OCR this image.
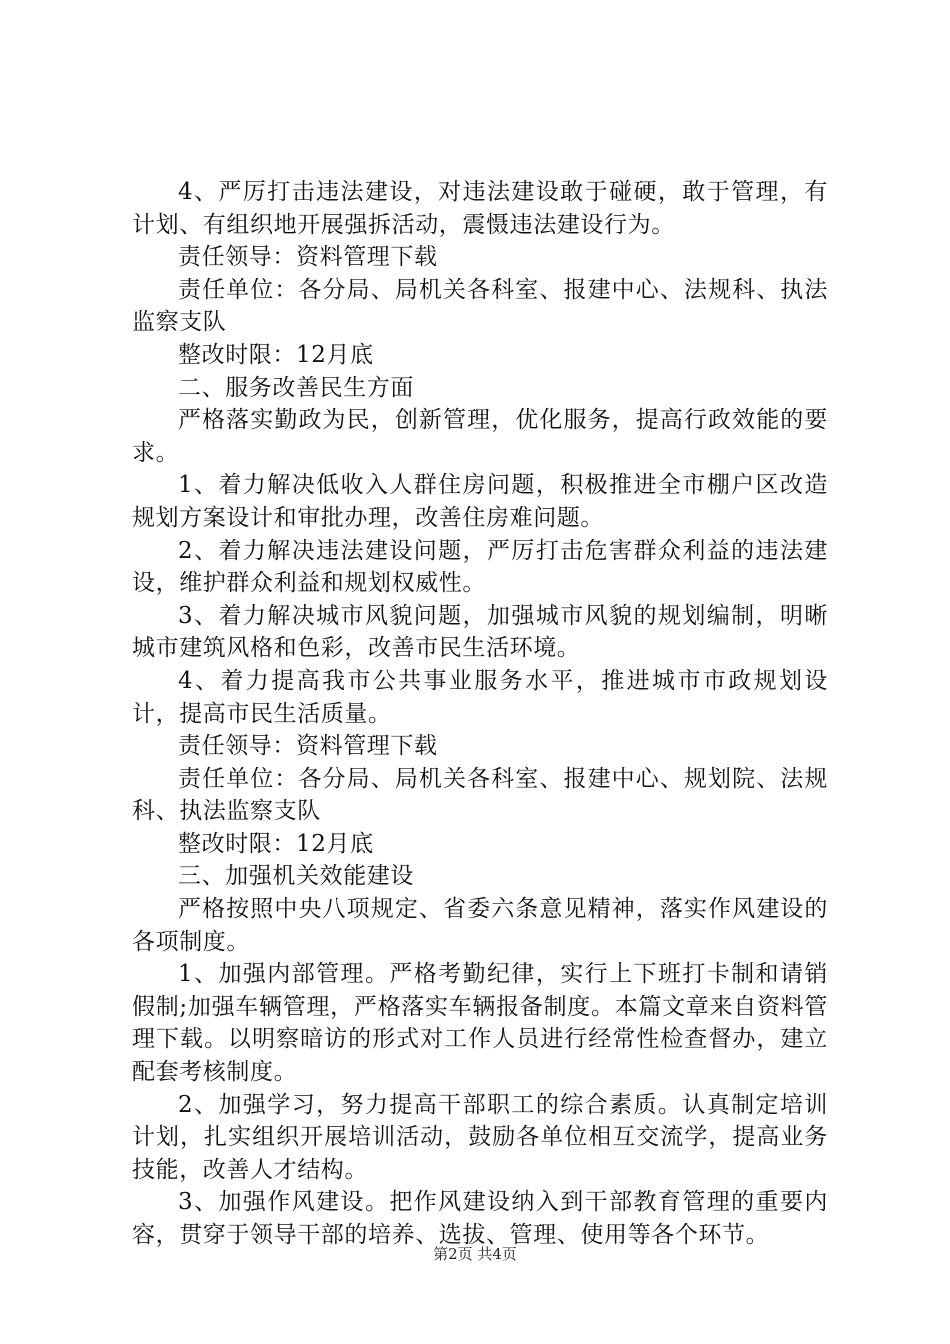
4、严厉打击违法建设，对违法建设敢于碰硬，敢于管理，有计划、有组织地开展强拆活动，震慑违法建设行为。

责任领导：资料管理下载

责任单位：各分局、局机关各科室、报建中心、法规科、执法监察支队

整改时限：12月底

二、服务改善民生方面

严格落实勤政为民，创新管理，优化服务，提高行政效能的要求。

1、着力解决低收入人群住房问题，积极推进全市棚户区改造规划方案设计和审批办理，改善住房难问题。

2、着力解决违法建设问题，严厉打击危害群众利益的违法建设，维护群众利益和规划权威性。

3、着力解决城市风貌问题，加强城市风貌的规划编制，明晰城市建筑风格和色彩，改善市民生活环境。

4、着力提高我市公共事业服务水平，推进城市市政规划设计，提高市民生活质量。

责任领导：资料管理下载

责任单位：各分局、局机关各科室、报建中心、规划院、法规科、执法监察支队

整改时限：12月底

三、加强机关效能建设

严格按照中央八项规定、省委六条意见精神，落实作风建设的各项制度。

1、加强内部管理。严格考勤纪律，实行上下班打卡制和请销假制;加强车辆管理，严格落实车辆报备制度。本篇文章来自资料管理下载。以明察暗访的形式对工作人员进行经常性检查督办，建立配套考核制度。

2、加强学习，努力提高干部职工的综合素质。认真制定培训计划，扎实组织开展培训活动，鼓励各单位相互交流学，提高业务技能，改善人才结构。

3、加强作风建设。把作风建设纳入到干部教育管理的重要内容，贯穿于领导干部的培养、选拔、管理、使用等各个环节。

第2页 共4页
